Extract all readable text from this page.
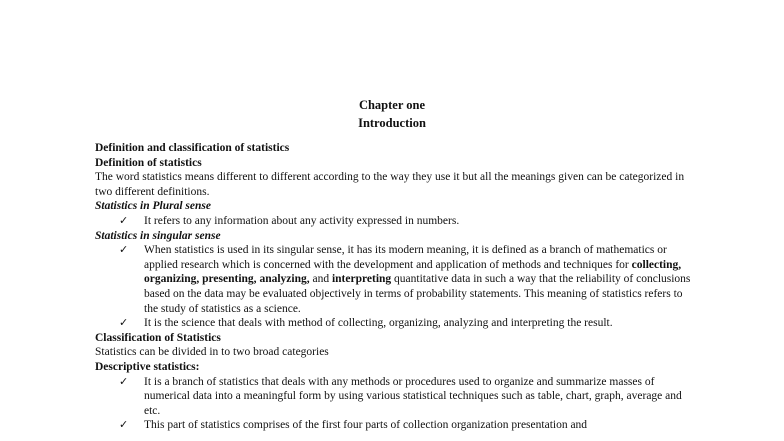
Chapter one

Introduction

Definition and classification of statistics

Definition of statistics

The word statistics means different to different according to the way they use it but all the meanings given can be categorized in two different definitions.

Statistics in Plural sense

✓ It refers to any information about any activity expressed in numbers.

Statistics in singular sense

✓ When statistics is used in its singular sense, it has its modern meaning, it is defined as a branch of mathematics or applied research which is concerned with the development and application of methods and techniques for collecting, organizing, presenting, analyzing, and interpreting quantitative data in such a way that the reliability of conclusions based on the data may be evaluated objectively in terms of probability statements. This meaning of statistics refers to the study of statistics as a science.
✓ It is the science that deals with method of collecting, organizing, analyzing and interpreting the result.

Classification of Statistics

Statistics can be divided in to two broad categories

Descriptive statistics:

✓ It is a branch of statistics that deals with any methods or procedures used to organize and summarize masses of numerical data into a meaningful form by using various statistical techniques such as table, chart, graph, average and etc.
✓ This part of statistics comprises of the first four parts of collection organization presentation and
